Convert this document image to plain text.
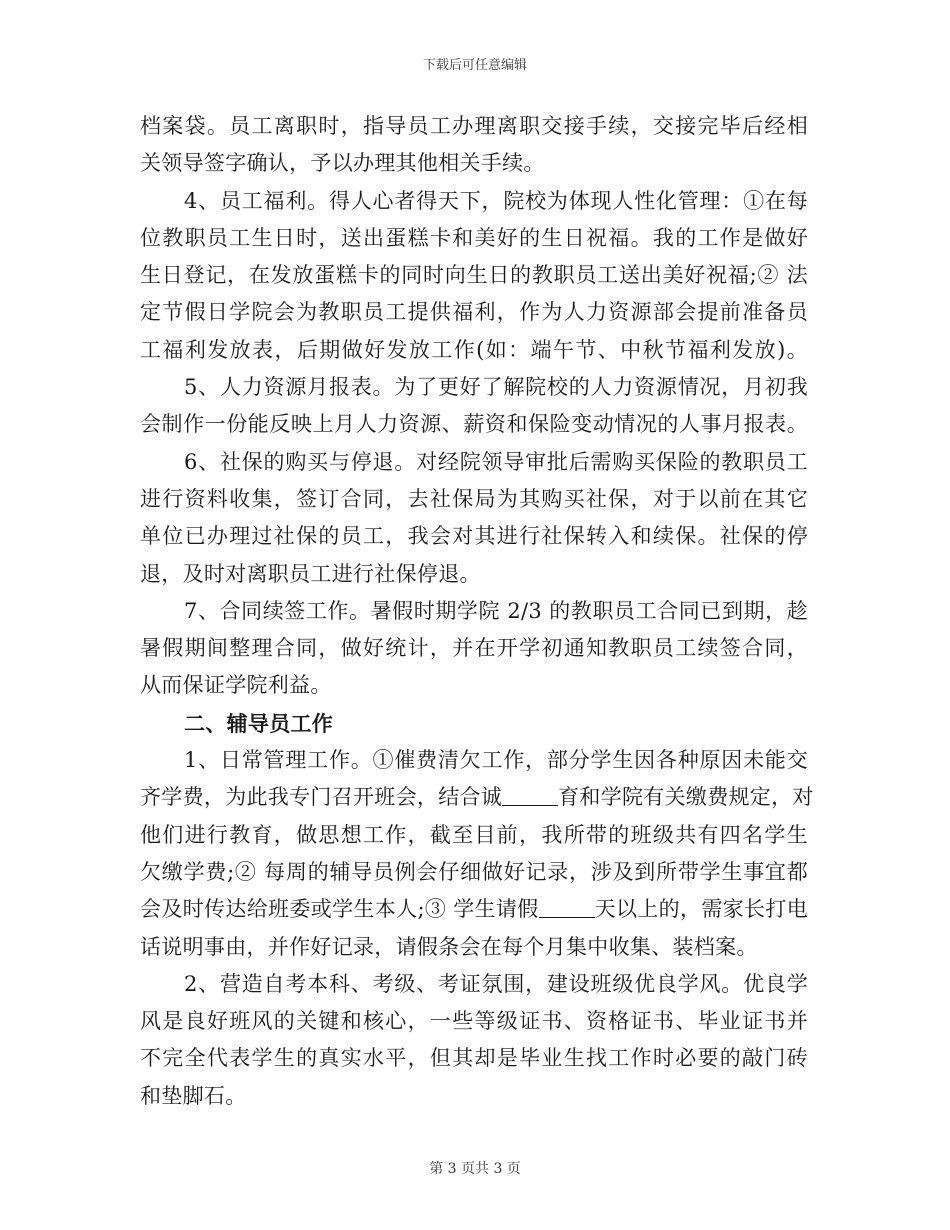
下载后可任意编辑
档案袋。员工离职时，指导员工办理离职交接手续，交接完毕后经相
关领导签字确认，予以办理其他相关手续。
4、员工福利。得人心者得天下，院校为体现人性化管理：①在每
位教职员工生日时，送出蛋糕卡和美好的生日祝福。我的工作是做好
生日登记，在发放蛋糕卡的同时向生日的教职员工送出美好祝福;② 法
定节假日学院会为教职员工提供福利，作为人力资源部会提前准备员
工福利发放表，后期做好发放工作(如：端午节、中秋节福利发放)。
5、人力资源月报表。为了更好了解院校的人力资源情况，月初我
会制作一份能反映上月人力资源、薪资和保险变动情况的人事月报表。
6、社保的购买与停退。对经院领导审批后需购买保险的教职员工
进行资料收集，签订合同，去社保局为其购买社保，对于以前在其它
单位已办理过社保的员工，我会对其进行社保转入和续保。社保的停
退，及时对离职员工进行社保停退。
7、合同续签工作。暑假时期学院 2/3 的教职员工合同已到期，趁
暑假期间整理合同，做好统计，并在开学初通知教职员工续签合同，
从而保证学院利益。
二、辅导员工作
1、日常管理工作。①催费清欠工作，部分学生因各种原因未能交
齐学费，为此我专门召开班会，结合诚	育和学院有关缴费规定，对
他们进行教育，做思想工作，截至目前，我所带的班级共有四名学生
欠缴学费;② 每周的辅导员例会仔细做好记录，涉及到所带学生事宜都
会及时传达给班委或学生本人;③ 学生请假	天以上的，需家长打电
话说明事由，并作好记录，请假条会在每个月集中收集、装档案。
2、营造自考本科、考级、考证氛围，建设班级优良学风。优良学
风是良好班风的关键和核心，一些等级证书、资格证书、毕业证书并
不完全代表学生的真实水平，但其却是毕业生找工作时必要的敲门砖
和垫脚石。
第 3 页共 3 页
